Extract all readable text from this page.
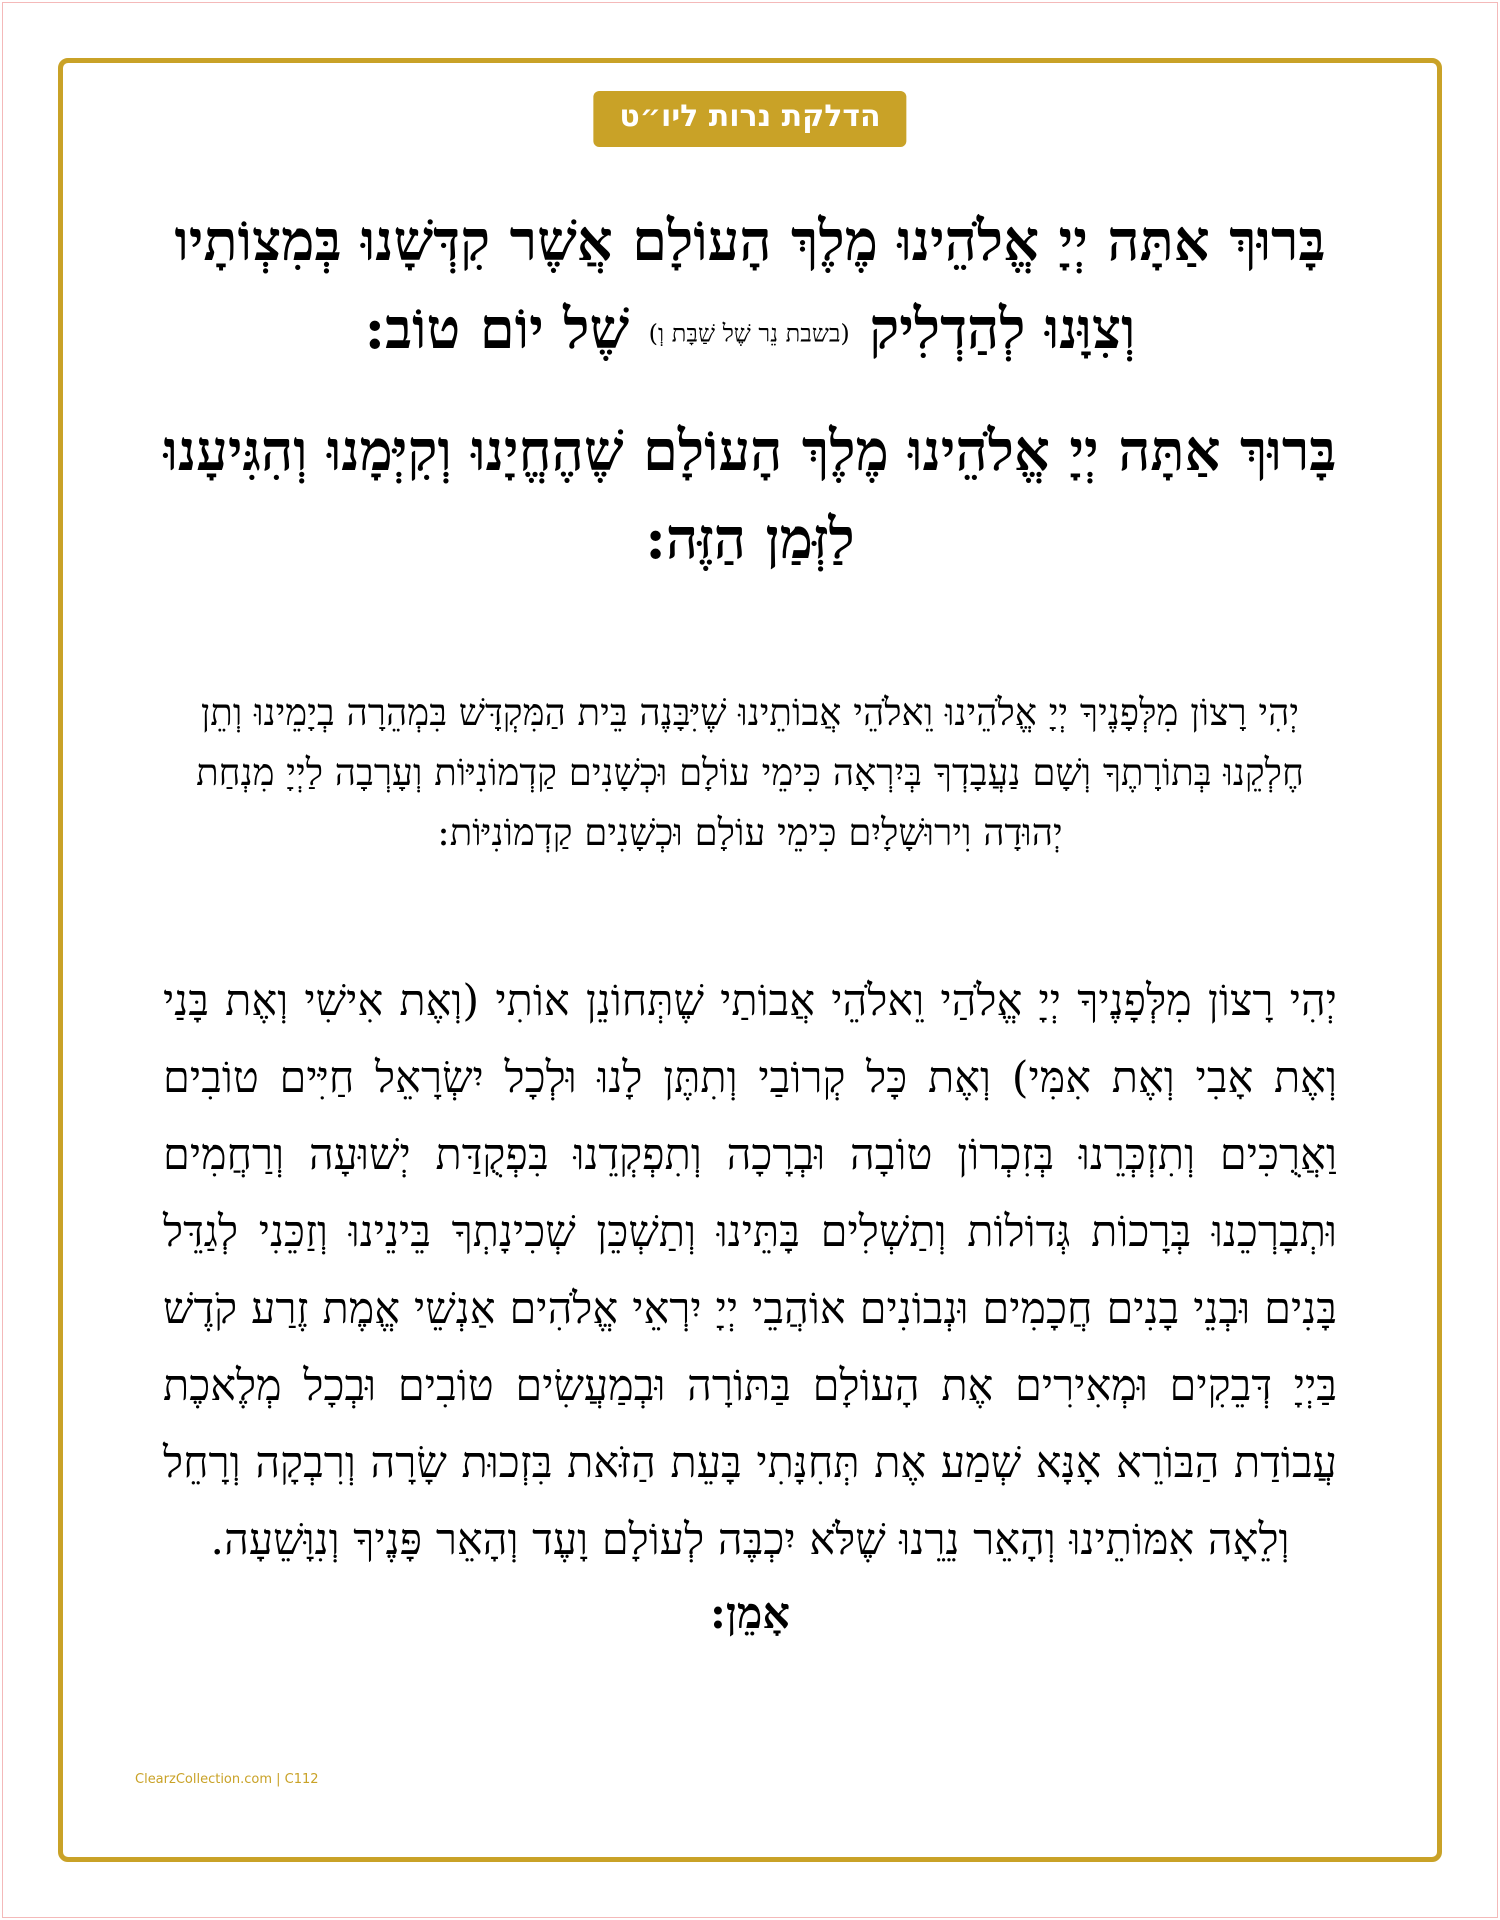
הדלקת נרות ליו״ט

בָּרוּךְ אַתָּה יְיָ אֱלֹהֵינוּ מֶלֶךְ הָעוֹלָם אֲשֶׁר קִדְּשָׁנוּ בְּמִצְוֹתָיו וְצִוָּנוּ לְהַדְלִיק (בשבת נֵר שֶׁל שַׁבָּת וְ) שֶׁל יוֹם טוֹב:

בָּרוּךְ אַתָּה יְיָ אֱלֹהֵינוּ מֶלֶךְ הָעוֹלָם שֶׁהֶחֱיָנוּ וְקִיְּמָנוּ וְהִגִּיעָנוּ לַזְּמַן הַזֶּה:

יְהִי רָצוֹן מִלְּפָנֶיךָ יְיָ אֱלֹהֵינוּ וֵאלֹהֵי אֲבוֹתֵינוּ שֶׁיִּבָּנֶה בֵּית הַמִּקְדָּשׁ בִּמְהֵרָה בְיָמֵינוּ וְתֵן חֶלְקֵנוּ בְּתוֹרָתֶךָ וְשָׁם נַעֲבָדְךָ בְּיִרְאָה כִּימֵי עוֹלָם וּכְשָׁנִים קַדְמוֹנִיּוֹת וְעָרְבָה לַיְיָ מִנְחַת יְהוּדָה וִירוּשָׁלָיִם כִּימֵי עוֹלָם וּכְשָׁנִים קַדְמוֹנִיּוֹת:

יְהִי רָצוֹן מִלְּפָנֶיךָ יְיָ אֱלֹהַי וֵאלֹהֵי אֲבוֹתַי שֶׁתְּחוֹנֵן אוֹתִי (וְאֶת אִישִׁי וְאֶת בָּנַי וְאֶת אָבִי וְאֶת אִמִּי) וְאֶת כָּל קְרוֹבַי וְתִתֶּן לָנוּ וּלְכָל יִשְׂרָאֵל חַיִּים טוֹבִים וַאֲרֻכִּים וְתִזְכְּרֵנוּ בְּזִכְרוֹן טוֹבָה וּבְרָכָה וְתִפְקְדֵנוּ בִּפְקֻדַּת יְשׁוּעָה וְרַחֲמִים וּתְבָרְכֵנוּ בְּרָכוֹת גְּדוֹלוֹת וְתַשְׁלִים בָּתֵּינוּ וְתַשְׁכֵּן שְׁכִינָתְךָ בֵּינֵינוּ וְזַכֵּנִי לְגַדֵּל בָּנִים וּבְנֵי בָנִים חֲכָמִים וּנְבוֹנִים אוֹהֲבֵי יְיָ יִרְאֵי אֱלֹהִים אַנְשֵׁי אֱמֶת זֶרַע קֹדֶשׁ בַּיְיָ דְּבֵקִים וּמְאִירִים אֶת הָעוֹלָם בַּתּוֹרָה וּבְמַעֲשִׂים טוֹבִים וּבְכָל מְלֶאכֶת עֲבוֹדַת הַבּוֹרֵא אָנָּא שְׁמַע אֶת תְּחִנָּתִי בָּעֵת הַזֹּאת בִּזְכוּת שָׂרָה וְרִבְקָה וְרָחֵל וְלֵאָה אִמּוֹתֵינוּ וְהָאֵר נֵרֵנוּ שֶׁלֹּא יִכְבֶּה לְעוֹלָם וָעֶד וְהָאֵר פָּנֶיךָ וְנִוָּשֵׁעָה.

אָמֵן:

ClearzCollection.com | C112
